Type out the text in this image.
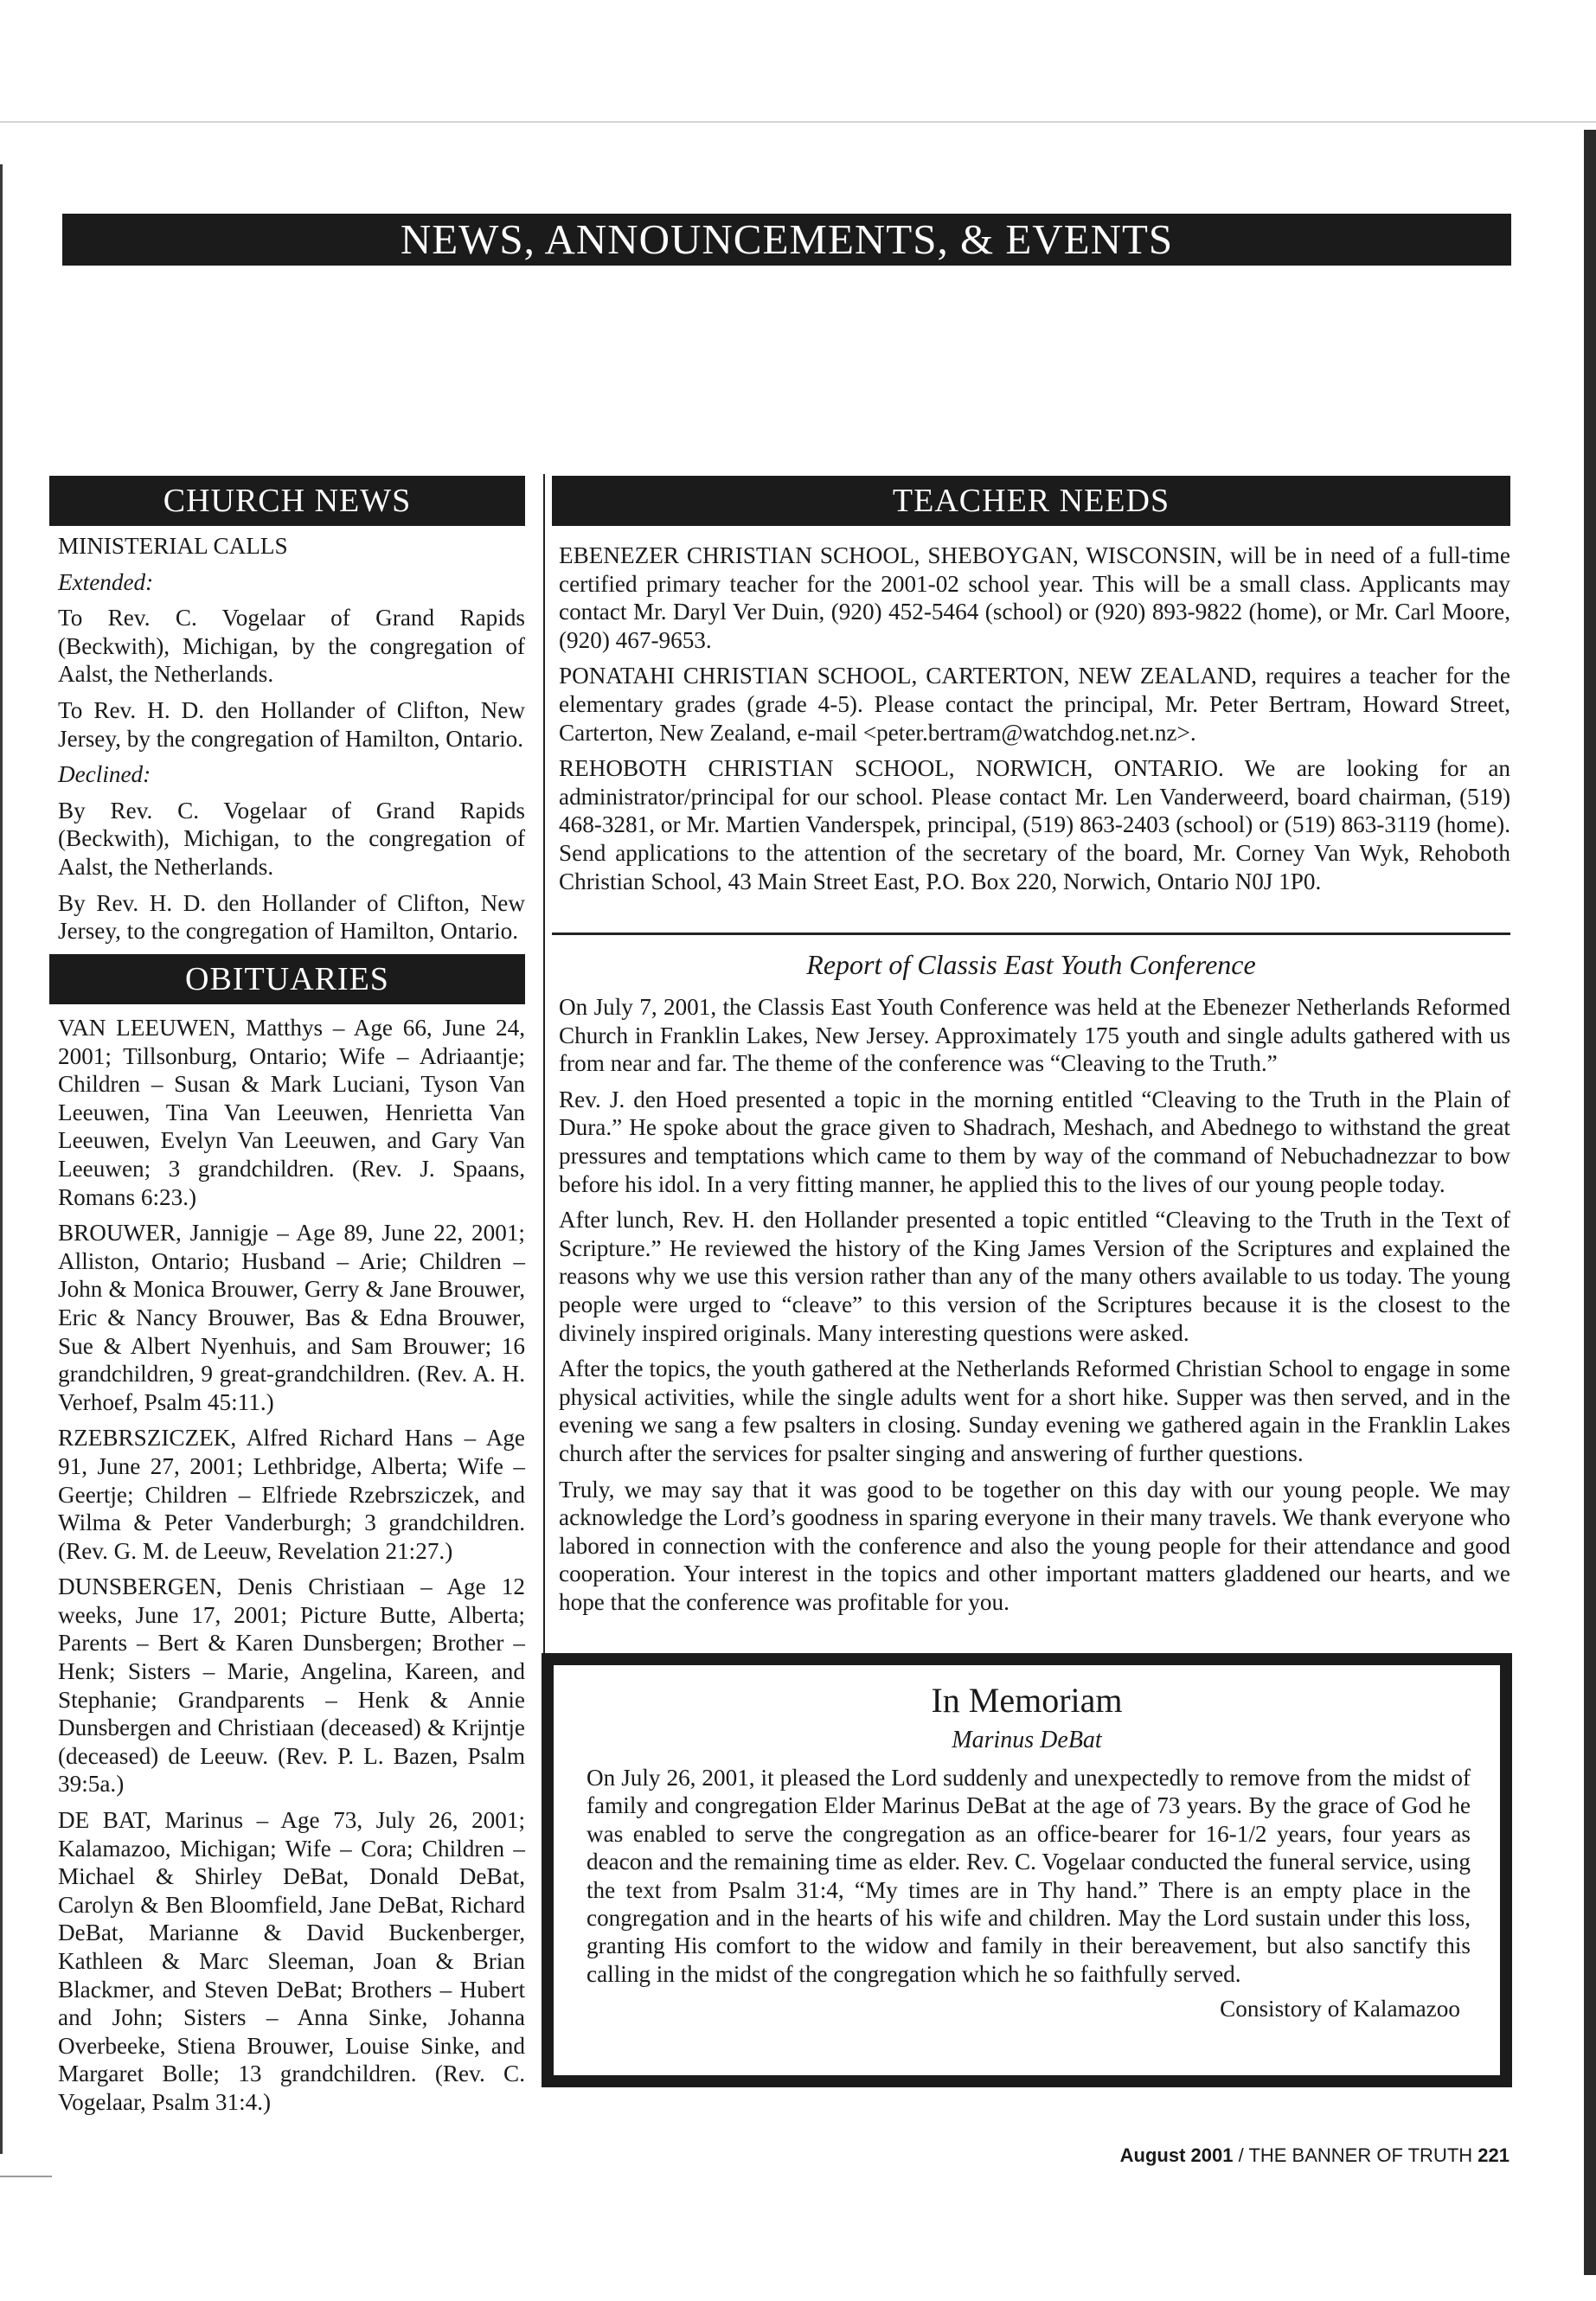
NEWS, ANNOUNCEMENTS, & EVENTS
CHURCH NEWS

MINISTERIAL CALLS

Extended:

To Rev. C. Vogelaar of Grand Rapids (Beckwith), Michigan, by the congregation of Aalst, the Netherlands.

To Rev. H. D. den Hollander of Clifton, New Jersey, by the congregation of Hamilton, Ontario.

Declined:

By Rev. C. Vogelaar of Grand Rapids (Beckwith), Michigan, to the congregation of Aalst, the Netherlands.

By Rev. H. D. den Hollander of Clifton, New Jersey, to the congregation of Hamilton, Ontario.

OBITUARIES

VAN LEEUWEN, Matthys – Age 66, June 24, 2001; Tillsonburg, Ontario; Wife – Adriaantje; Children – Susan & Mark Luciani, Tyson Van Leeuwen, Tina Van Leeuwen, Henrietta Van Leeuwen, Evelyn Van Leeuwen, and Gary Van Leeuwen; 3 grandchildren. (Rev. J. Spaans, Romans 6:23.)

BROUWER, Jannigje – Age 89, June 22, 2001; Alliston, Ontario; Husband – Arie; Children – John & Monica Brouwer, Gerry & Jane Brouwer, Eric & Nancy Brouwer, Bas & Edna Brouwer, Sue & Albert Nyenhuis, and Sam Brouwer; 16 grandchildren, 9 great-grandchildren. (Rev. A. H. Verhoef, Psalm 45:11.)

RZEBRSZICZEK, Alfred Richard Hans – Age 91, June 27, 2001; Lethbridge, Alberta; Wife – Geertje; Children – Elfriede Rzebrsziczek, and Wilma & Peter Vanderburgh; 3 grandchildren. (Rev. G. M. de Leeuw, Revelation 21:27.)

DUNSBERGEN, Denis Christiaan – Age 12 weeks, June 17, 2001; Picture Butte, Alberta; Parents – Bert & Karen Dunsbergen; Brother – Henk; Sisters – Marie, Angelina, Kareen, and Stephanie; Grandparents – Henk & Annie Dunsbergen and Christiaan (deceased) & Krijntje (deceased) de Leeuw. (Rev. P. L. Bazen, Psalm 39:5a.)

DE BAT, Marinus – Age 73, July 26, 2001; Kalamazoo, Michigan; Wife – Cora; Children – Michael & Shirley DeBat, Donald DeBat, Carolyn & Ben Bloomfield, Jane DeBat, Richard DeBat, Marianne & David Buckenberger, Kathleen & Marc Sleeman, Joan & Brian Blackmer, and Steven DeBat; Brothers – Hubert and John; Sisters – Anna Sinke, Johanna Overbeeke, Stiena Brouwer, Louise Sinke, and Margaret Bolle; 13 grandchildren. (Rev. C. Vogelaar, Psalm 31:4.)

TEACHER NEEDS

EBENEZER CHRISTIAN SCHOOL, SHEBOYGAN, WISCONSIN, will be in need of a full-time certified primary teacher for the 2001-02 school year. This will be a small class. Applicants may contact Mr. Daryl Ver Duin, (920) 452-5464 (school) or (920) 893-9822 (home), or Mr. Carl Moore, (920) 467-9653.

PONATAHI CHRISTIAN SCHOOL, CARTERTON, NEW ZEALAND, requires a teacher for the elementary grades (grade 4-5). Please contact the principal, Mr. Peter Bertram, Howard Street, Carterton, New Zealand, e-mail <peter.bertram@watchdog.net.nz>.

REHOBOTH CHRISTIAN SCHOOL, NORWICH, ONTARIO. We are looking for an administrator/principal for our school. Please contact Mr. Len Vanderweerd, board chairman, (519) 468-3281, or Mr. Martien Vanderspek, principal, (519) 863-2403 (school) or (519) 863-3119 (home). Send applications to the attention of the secretary of the board, Mr. Corney Van Wyk, Rehoboth Christian School, 43 Main Street East, P.O. Box 220, Norwich, Ontario N0J 1P0.

Report of Classis East Youth Conference

On July 7, 2001, the Classis East Youth Conference was held at the Ebenezer Netherlands Reformed Church in Franklin Lakes, New Jersey. Approximately 175 youth and single adults gathered with us from near and far. The theme of the conference was “Cleaving to the Truth.”

Rev. J. den Hoed presented a topic in the morning entitled “Cleaving to the Truth in the Plain of Dura.” He spoke about the grace given to Shadrach, Meshach, and Abednego to withstand the great pressures and temptations which came to them by way of the command of Nebuchadnezzar to bow before his idol. In a very fitting manner, he applied this to the lives of our young people today.

After lunch, Rev. H. den Hollander presented a topic entitled “Cleaving to the Truth in the Text of Scripture.” He reviewed the history of the King James Version of the Scriptures and explained the reasons why we use this version rather than any of the many others available to us today. The young people were urged to “cleave” to this version of the Scriptures because it is the closest to the divinely inspired originals. Many interesting questions were asked.

After the topics, the youth gathered at the Netherlands Reformed Christian School to engage in some physical activities, while the single adults went for a short hike. Supper was then served, and in the evening we sang a few psalters in closing. Sunday evening we gathered again in the Franklin Lakes church after the services for psalter singing and answering of further questions.

Truly, we may say that it was good to be together on this day with our young people. We may acknowledge the Lord’s goodness in sparing everyone in their many travels. We thank everyone who labored in connection with the conference and also the young people for their attendance and good cooperation. Your interest in the topics and other important matters gladdened our hearts, and we hope that the conference was profitable for you.

In Memoriam
Marinus DeBat
On July 26, 2001, it pleased the Lord suddenly and unexpectedly to remove from the midst of family and congregation Elder Marinus DeBat at the age of 73 years. By the grace of God he was enabled to serve the congregation as an office-bearer for 16-1/2 years, four years as deacon and the remaining time as elder. Rev. C. Vogelaar conducted the funeral service, using the text from Psalm 31:4, “My times are in Thy hand.” There is an empty place in the congregation and in the hearts of his wife and children. May the Lord sustain under this loss, granting His comfort to the widow and family in their bereavement, but also sanctify this calling in the midst of the congregation which he so faithfully served.
Consistory of Kalamazoo
August 2001 / THE BANNER OF TRUTH 221
